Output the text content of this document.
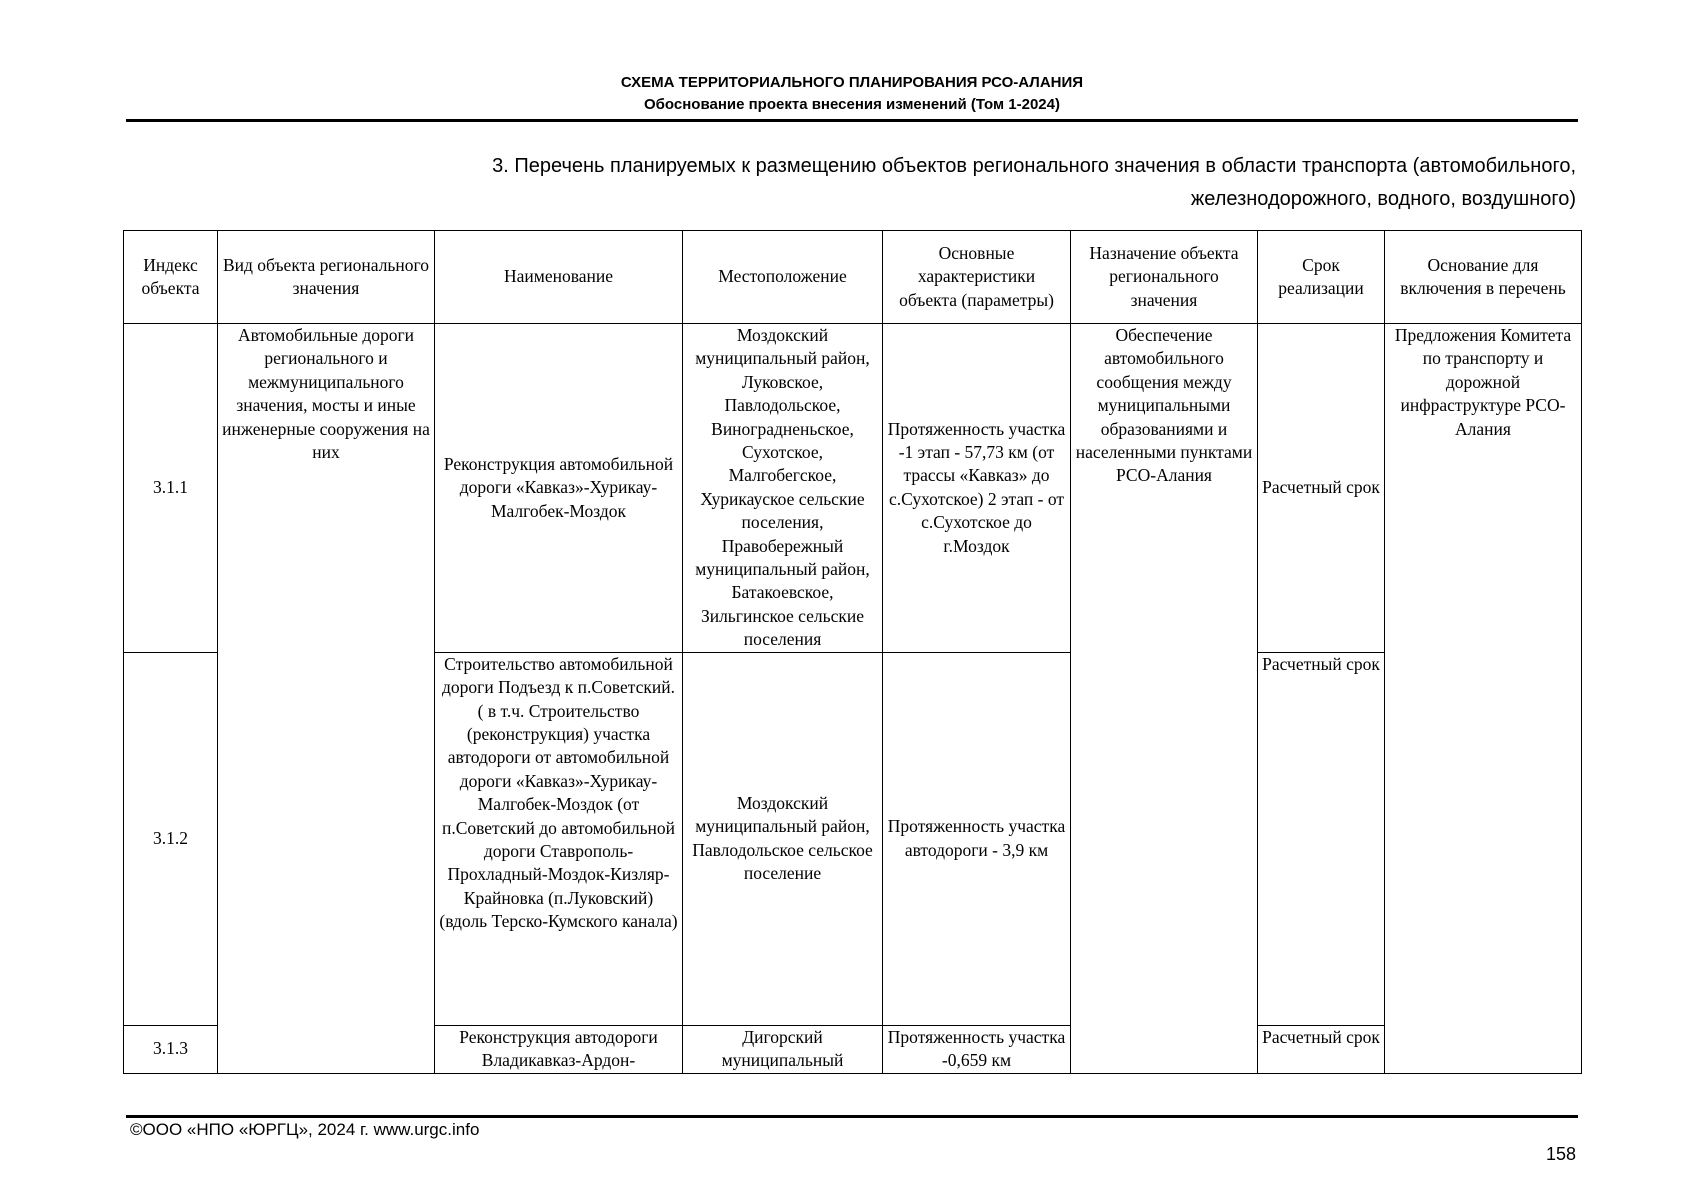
СХЕМА ТЕРРИТОРИАЛЬНОГО ПЛАНИРОВАНИЯ РСО-АЛАНИЯ
Обоснование проекта внесения изменений (Том 1-2024)
3. Перечень планируемых к размещению объектов регионального значения в области транспорта (автомобильного,
железнодорожного, водного, воздушного)
Индекс объекта	Вид объекта регионального значения	Наименование	Местоположение	Основные характеристики объекта (параметры)	Назначение объекта регионального значения	Срок реализации	Основание для включения в перечень
3.1.1	Автомобильные дороги регионального и межмуниципального значения, мосты и иные инженерные сооружения на них	Реконструкция автомобильной дороги «Кавказ»-Хурикау-Малгобек-Моздок	Моздокский муниципальный район, Луковское, Павлодольское, Виноградненьское, Сухотское, Малгобегское, Хурикауское сельские поселения, Правобережный муниципальный район, Батакоевское, Зильгинское сельские поселения	Протяженность участка -1 этап - 57,73 км (от трассы «Кавказ» до с.Сухотское) 2 этап - от с.Сухотское до г.Моздок	Обеспечение автомобильного сообщения между муниципальными образованиями и населенными пунктами РСО-Алания	Расчетный срок	Предложения Комитета по транспорту и дорожной инфраструктуре РСО-Алания
3.1.2		Строительство автомобильной дороги Подъезд к п.Советский. ( в т.ч. Строительство (реконструкция) участка автодороги от автомобильной дороги «Кавказ»-Хурикау-Малгобек-Моздок (от п.Советский до автомобильной дороги Ставрополь-Прохладный-Моздок-Кизляр-Крайновка (п.Луковский) (вдоль Терско-Кумского канала)	Моздокский муниципальный район, Павлодольское сельское поселение	Протяженность участка автодороги - 3,9 км		Расчетный срок	
3.1.3		Реконструкция автодороги Владикавказ-Ардон-	Дигорский муниципальный	Протяженность участка -0,659 км		Расчетный срок	
©ООО «НПО «ЮРГЦ», 2024 г. www.urgc.info
158
